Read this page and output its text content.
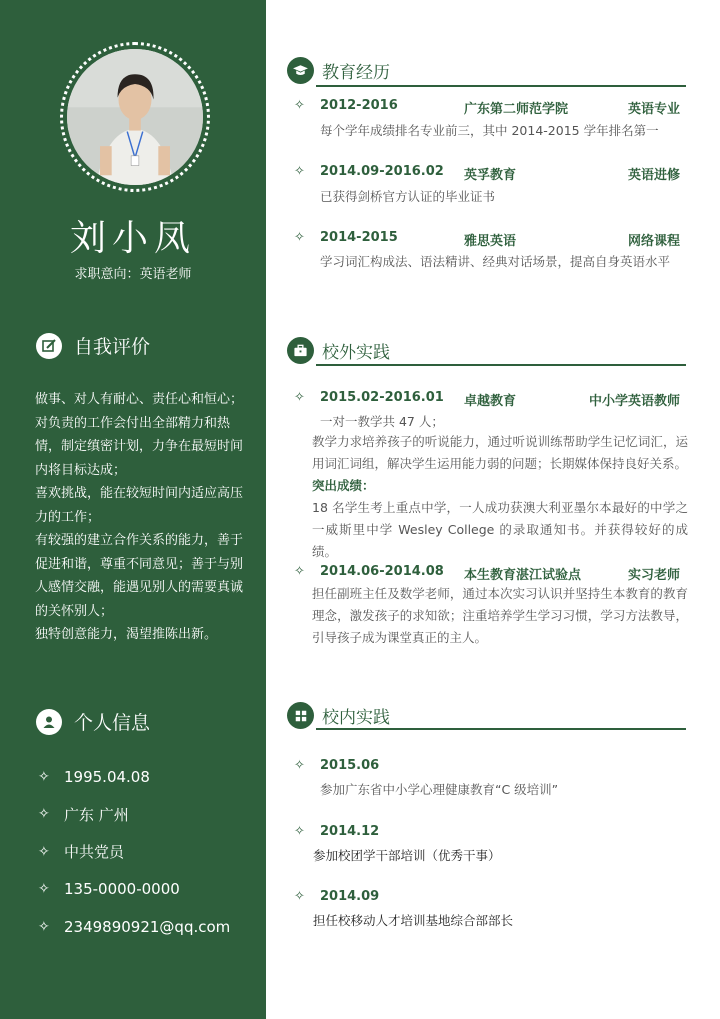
刘小凤
求职意向：英语老师
自我评价

做事、对人有耐心、责任心和恒心；

对负责的工作会付出全部精力和热情，制定缜密计划，力争在最短时间内将目标达成；

喜欢挑战，能在较短时间内适应高压力的工作；

有较强的建立合作关系的能力，善于促进和谐，尊重不同意见；善于与别人感情交融，能遇见别人的需要真诚的关怀别人；

独特创意能力，渴望推陈出新。

个人信息
✧ 1995.04.08
✧ 广东 广州
✧ 中共党员
✧ 135-0000-0000
✧ 2349890921@qq.com
教育经历
✧ 2012-2016	广东第二师范学院	英语专业
每个学年成绩排名专业前三，其中 2014-2015 学年排名第一
✧ 2014.09-2016.02 英孚教育	英语进修
已获得剑桥官方认证的毕业证书
✧ 2014-2015	雅思英语	网络课程
学习词汇构成法、语法精讲、经典对话场景，提高自身英语水平
校外实践
✧ 2015.02-2016.01 卓越教育	中小学英语教师
一对一教学共 47 人；
教学力求培养孩子的听说能力，通过听说训练帮助学生记忆词汇，运用词汇词组，解决学生运用能力弱的问题；长期媒体保持良好关系。
突出成绩：
18 名学生考上重点中学，一人成功获澳大利亚墨尔本最好的中学之一威斯里中学 Wesley College 的录取通知书。并获得较好的成绩。
✧ 2014.06-2014.08 本生教育湛江试验点	实习老师
担任副班主任及数学老师，通过本次实习认识并坚持生本教育的教育理念，激发孩子的求知欲；注重培养学生学习习惯，学习方法教导，引导孩子成为课堂真正的主人。
校内实践
✧ 2015.06
参加广东省中小学心理健康教育“C 级培训”
✧ 2014.12
参加校团学干部培训（优秀干事）
✧ 2014.09
担任校移动人才培训基地综合部部长
